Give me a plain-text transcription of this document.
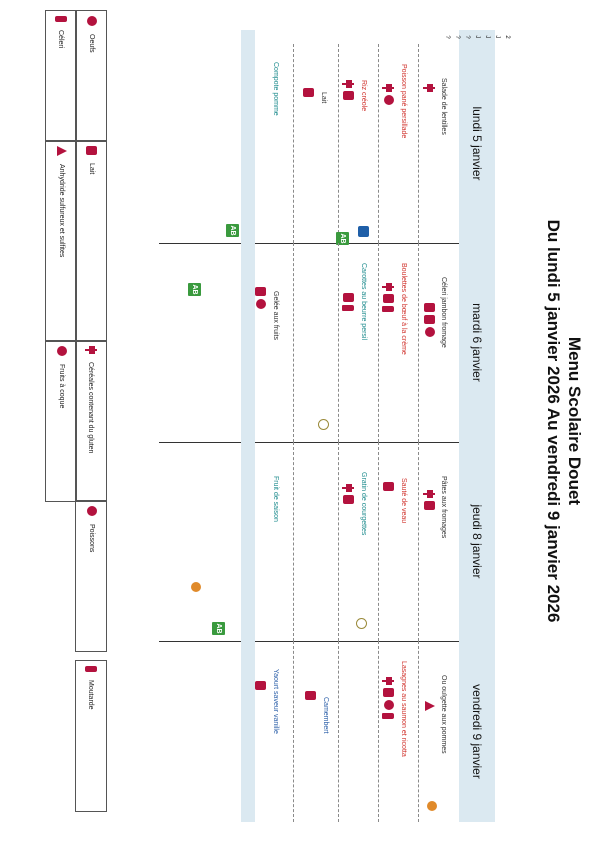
Menu Scolaire Douet
Du lundi 5 janvier 2026 Au vendredi 9 janvier 2026
2
J
J
J
?
?
?
lundi 5 janvier
Salade de lentilles
Poisson pané persillade
Riz créole
Lait
Compote pomme
AB
AB
mardi 6 janvier
Céleri jambon fromage
Boulettes de bœuf à la crème
Carottes au beurre persil
Gelée aux fruits
AB
jeudi 8 janvier
Pâtes aux fromages
Sauté de veau
Gratin de courgettes
Fruit de saison
AB
vendredi 9 janvier
Ou ouïgette aux pommes
Lasagnes au saumon et ricotta
Camembert
Yaourt saveur vanille
Oeufs
Céleri
Lait
Anhydride sulfureux et sulfites
Céréales contenant du gluten
Fruits à coque
Poissons
Moutarde
